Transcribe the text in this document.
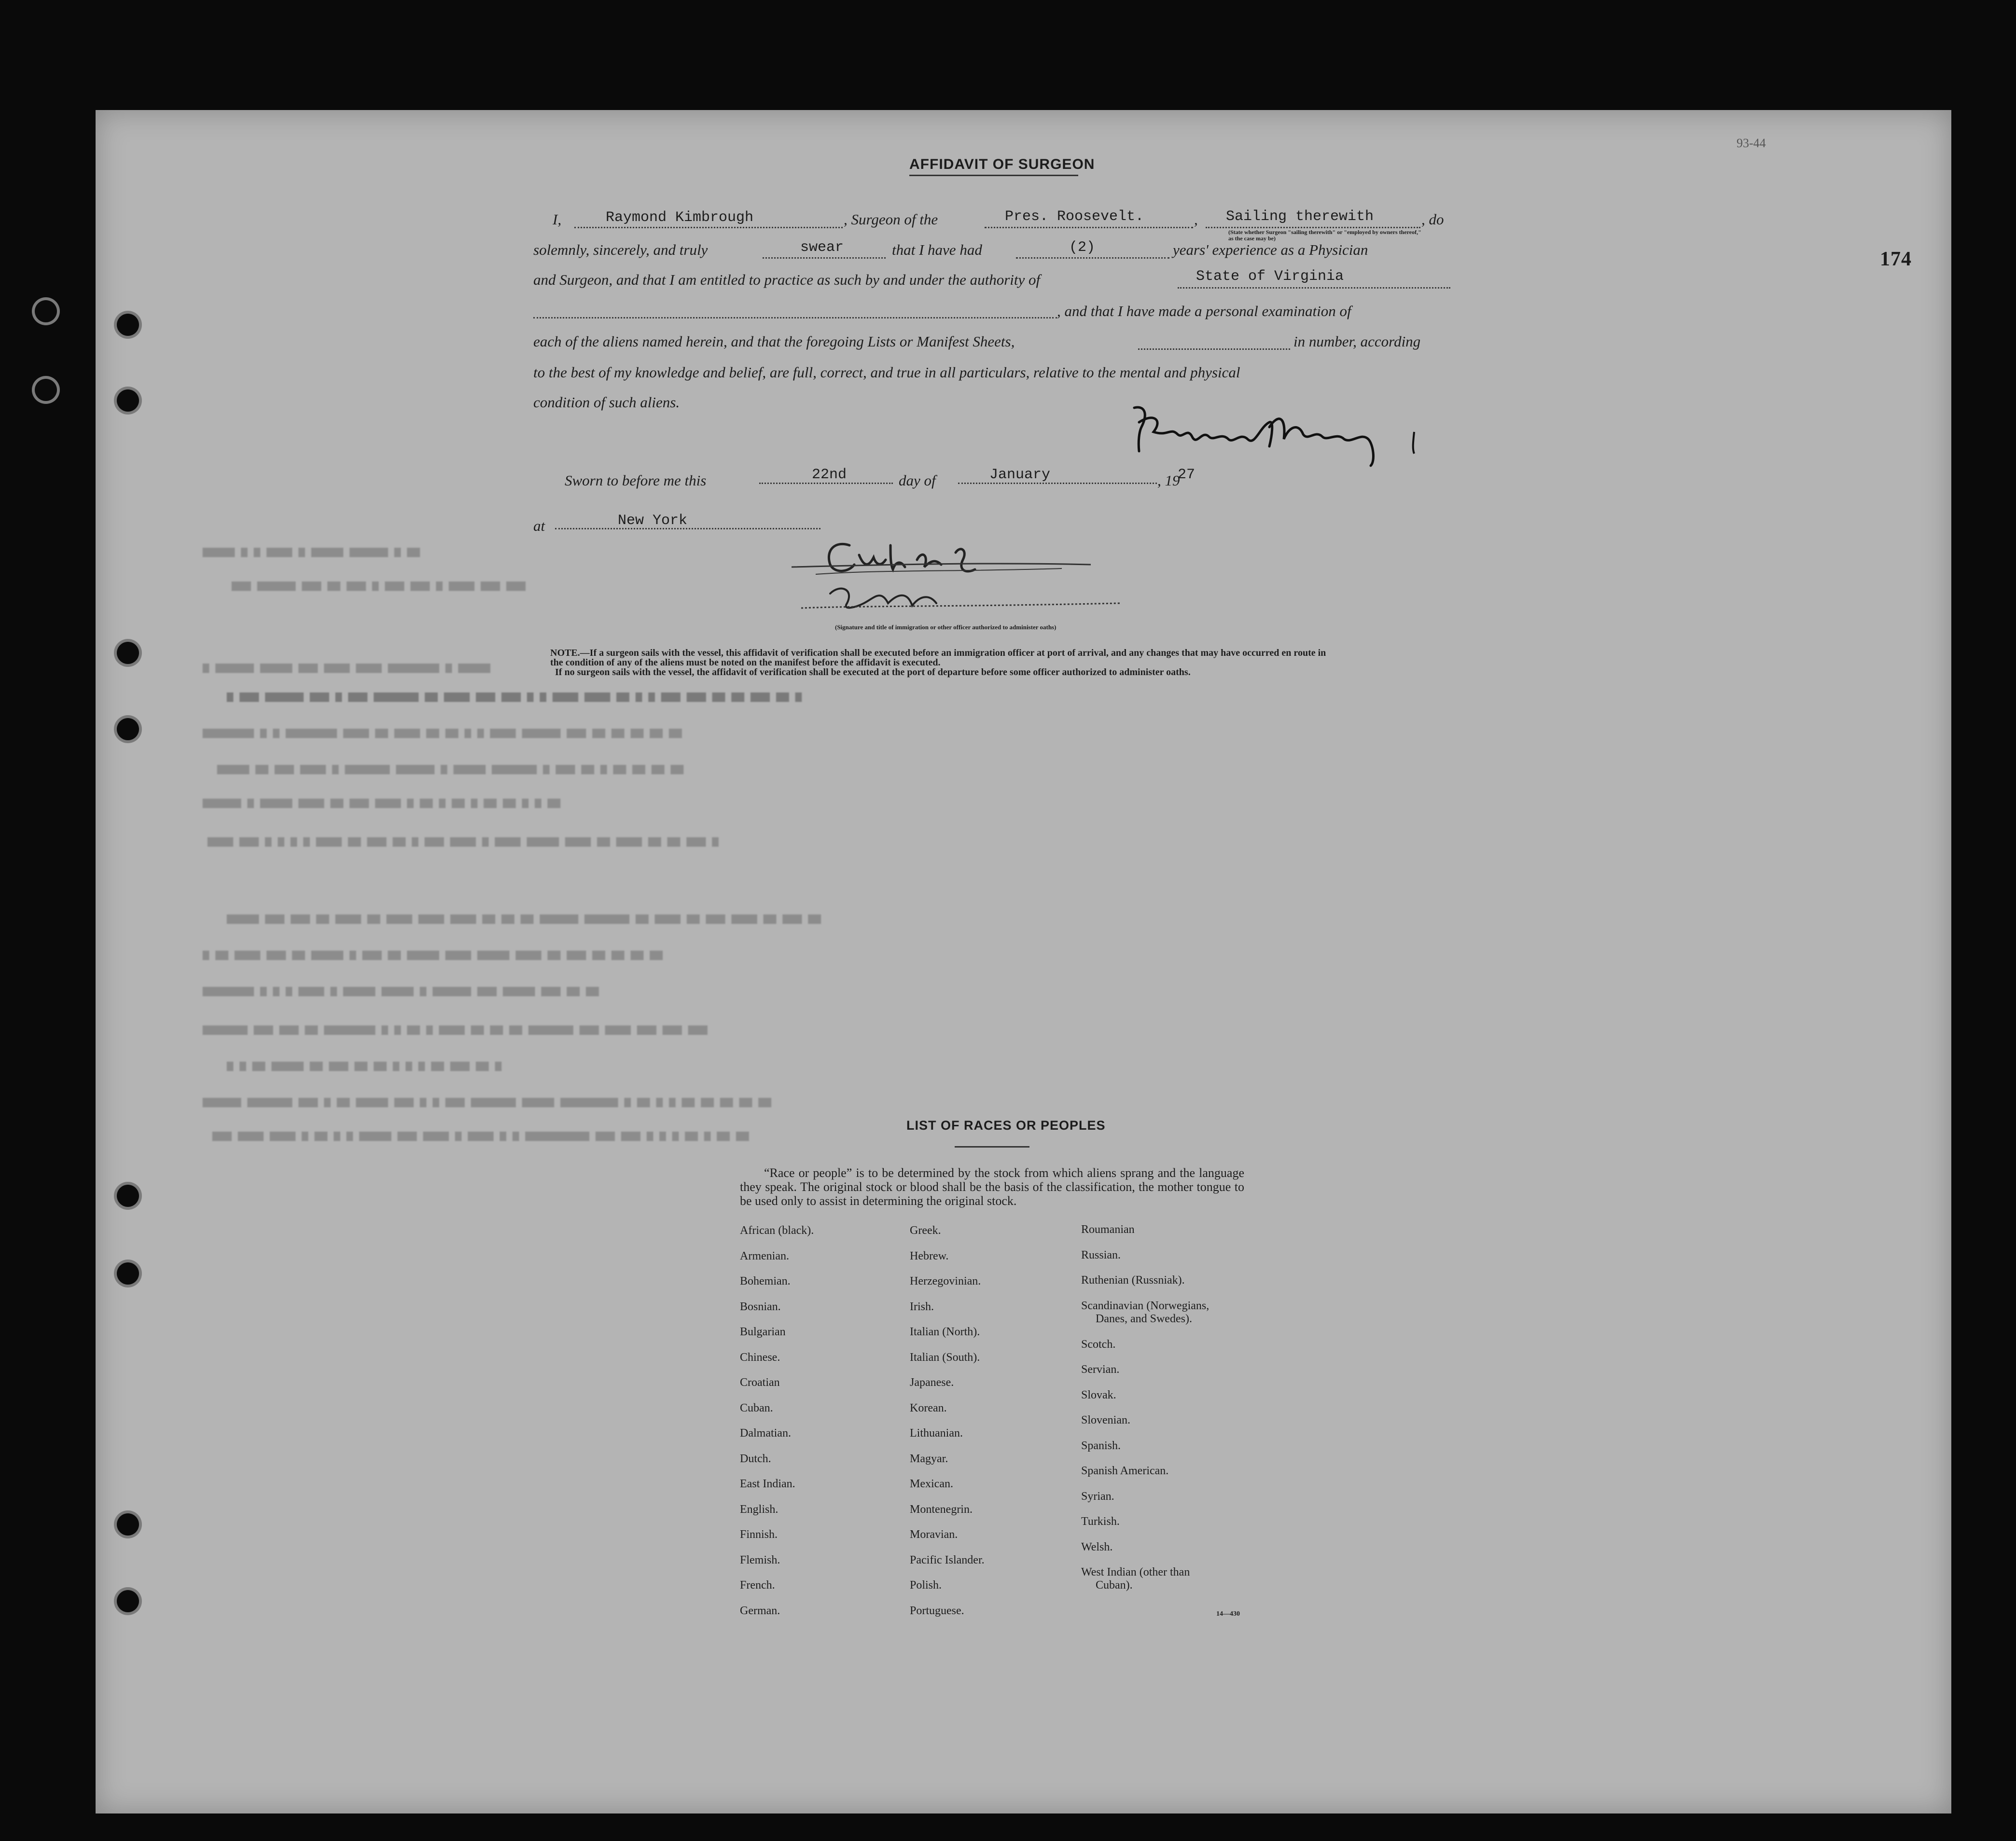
▆▆▆▆▆ ▆ ▆ ▆▆▆▆ ▆ ▆▆▆▆▆ ▆▆▆▆▆▆ ▆ ▆▆
▆▆▆ ▆▆▆▆▆▆ ▆▆▆ ▆▆ ▆▆▆ ▆ ▆▆▆ ▆▆▆ ▆ ▆▆▆▆ ▆▆▆ ▆▆▆
▆ ▆▆▆▆▆▆ ▆▆▆▆▆ ▆▆▆ ▆▆▆▆ ▆▆▆▆ ▆▆▆▆▆▆▆▆ ▆ ▆▆▆▆▆
▆ ▆▆▆ ▆▆▆▆▆▆ ▆▆▆ ▆ ▆▆▆ ▆▆▆▆▆▆▆ ▆▆ ▆▆▆▆ ▆▆▆ ▆▆▆ ▆ ▆ ▆▆▆▆ ▆▆▆▆ ▆▆ ▆ ▆ ▆▆▆ ▆▆▆ ▆▆ ▆▆ ▆▆▆ ▆▆ ▆
▆▆▆▆▆▆▆▆ ▆ ▆ ▆▆▆▆▆▆▆▆ ▆▆▆▆ ▆▆ ▆▆▆▆ ▆▆ ▆▆ ▆ ▆ ▆▆▆▆ ▆▆▆▆▆▆ ▆▆▆ ▆▆ ▆▆ ▆▆ ▆▆ ▆▆
▆▆▆▆▆ ▆▆ ▆▆▆ ▆▆▆▆ ▆ ▆▆▆▆▆▆▆ ▆▆▆▆▆▆ ▆ ▆▆▆▆▆ ▆▆▆▆▆▆▆ ▆ ▆▆▆ ▆▆ ▆ ▆▆ ▆▆ ▆▆ ▆▆
▆▆▆▆▆▆ ▆ ▆▆▆▆▆ ▆▆▆▆ ▆▆ ▆▆▆ ▆▆▆▆ ▆ ▆▆ ▆ ▆▆ ▆ ▆▆ ▆▆ ▆ ▆ ▆▆
▆▆▆▆ ▆▆▆ ▆ ▆ ▆ ▆ ▆▆▆▆ ▆▆ ▆▆▆ ▆▆ ▆ ▆▆▆ ▆▆▆▆ ▆ ▆▆▆▆ ▆▆▆▆▆ ▆▆▆▆ ▆▆ ▆▆▆▆ ▆▆ ▆▆ ▆▆▆ ▆
▆▆▆▆▆ ▆▆▆ ▆▆▆ ▆▆ ▆▆▆▆ ▆▆ ▆▆▆▆ ▆▆▆▆ ▆▆▆▆ ▆▆ ▆▆ ▆▆ ▆▆▆▆▆▆ ▆▆▆▆▆▆▆ ▆▆ ▆▆▆▆ ▆▆ ▆▆▆ ▆▆▆▆ ▆▆ ▆▆▆ ▆▆
▆ ▆▆ ▆▆▆▆ ▆▆▆ ▆▆ ▆▆▆▆▆ ▆ ▆▆▆ ▆▆ ▆▆▆▆▆ ▆▆▆▆ ▆▆▆▆▆ ▆▆▆▆ ▆▆ ▆▆▆ ▆▆ ▆▆ ▆▆ ▆▆
▆▆▆▆▆▆▆▆ ▆ ▆ ▆ ▆▆▆▆ ▆ ▆▆▆▆▆ ▆▆▆▆▆ ▆ ▆▆▆▆▆▆ ▆▆▆ ▆▆▆▆▆ ▆▆▆ ▆▆ ▆▆
▆▆▆▆▆▆▆ ▆▆▆ ▆▆▆ ▆▆ ▆▆▆▆▆▆▆▆ ▆ ▆ ▆▆ ▆ ▆▆▆▆ ▆▆ ▆▆ ▆▆ ▆▆▆▆▆▆▆ ▆▆▆ ▆▆▆▆ ▆▆▆ ▆▆▆ ▆▆▆
▆ ▆ ▆▆ ▆▆▆▆▆ ▆▆ ▆▆▆ ▆▆ ▆▆ ▆ ▆ ▆ ▆▆ ▆▆▆ ▆▆ ▆
▆▆▆▆▆▆ ▆▆▆▆▆▆▆ ▆▆▆ ▆ ▆▆ ▆▆▆▆▆ ▆▆▆ ▆ ▆ ▆▆▆ ▆▆▆▆▆▆▆ ▆▆▆▆▆ ▆▆▆▆▆▆▆▆▆ ▆ ▆▆ ▆ ▆ ▆▆ ▆▆ ▆▆ ▆▆ ▆▆
▆▆▆ ▆▆▆▆ ▆▆▆▆ ▆ ▆▆ ▆ ▆ ▆▆▆▆▆ ▆▆▆ ▆▆▆▆ ▆ ▆▆▆▆ ▆ ▆ ▆▆▆▆▆▆▆▆▆▆ ▆▆▆ ▆▆▆ ▆ ▆ ▆ ▆▆ ▆ ▆▆ ▆▆
174
93-44
AFFIDAVIT OF SURGEON
I,	Raymond Kimbrough	, Surgeon of the	Pres. Roosevelt.	, Sailing therewith	, do
(State whether Surgeon "sailing therewith" or "employed by owners thereof," as the case may be)
solemnly, sincerely, and truly	swear	that I have had	(2)	years' experience as a Physician
and Surgeon, and that I am entitled to practice as such by and under the authority of	State of Virginia
, and that I have made a personal examination of
each of the aliens named herein, and that the foregoing Lists or Manifest Sheets,	in number, according
to the best of my knowledge and belief, are full, correct, and true in all particulars, relative to the mental and physical
condition of such aliens.
Sworn to before me this	22nd	day of	January	, 19
27
at	New York
(Signature and title of immigration or other officer authorized to administer oaths)
NOTE.—If a surgeon sails with the vessel, this affidavit of verification shall be executed before an immigration officer at port of arrival, and any changes that may have occurred en route in
the condition of any of the aliens must be noted on the manifest before the affidavit is executed.
If no surgeon sails with the vessel, the affidavit of verification shall be executed at the port of departure before some officer authorized to administer oaths.
LIST OF RACES OR PEOPLES
“Race or people” is to be determined by the stock from which aliens sprang and the language they speak. The original stock or blood shall be the basis of the classification, the mother tongue to be used only to assist in determining the original stock.
African (black).
Armenian.
Bohemian.
Bosnian.
Bulgarian
Chinese.
Croatian
Cuban.
Dalmatian.
Dutch.
East Indian.
English.
Finnish.
Flemish.
French.
German.
Greek.
Hebrew.
Herzegovinian.
Irish.
Italian (North).
Italian (South).
Japanese.
Korean.
Lithuanian.
Magyar.
Mexican.
Montenegrin.
Moravian.
Pacific Islander.
Polish.
Portuguese.
Roumanian
Russian.
Ruthenian (Russniak).
Scandinavian (Norwegians,
Danes, and Swedes).
Scotch.
Servian.
Slovak.
Slovenian.
Spanish.
Spanish American.
Syrian.
Turkish.
Welsh.
West Indian (other than
Cuban).
14—430
